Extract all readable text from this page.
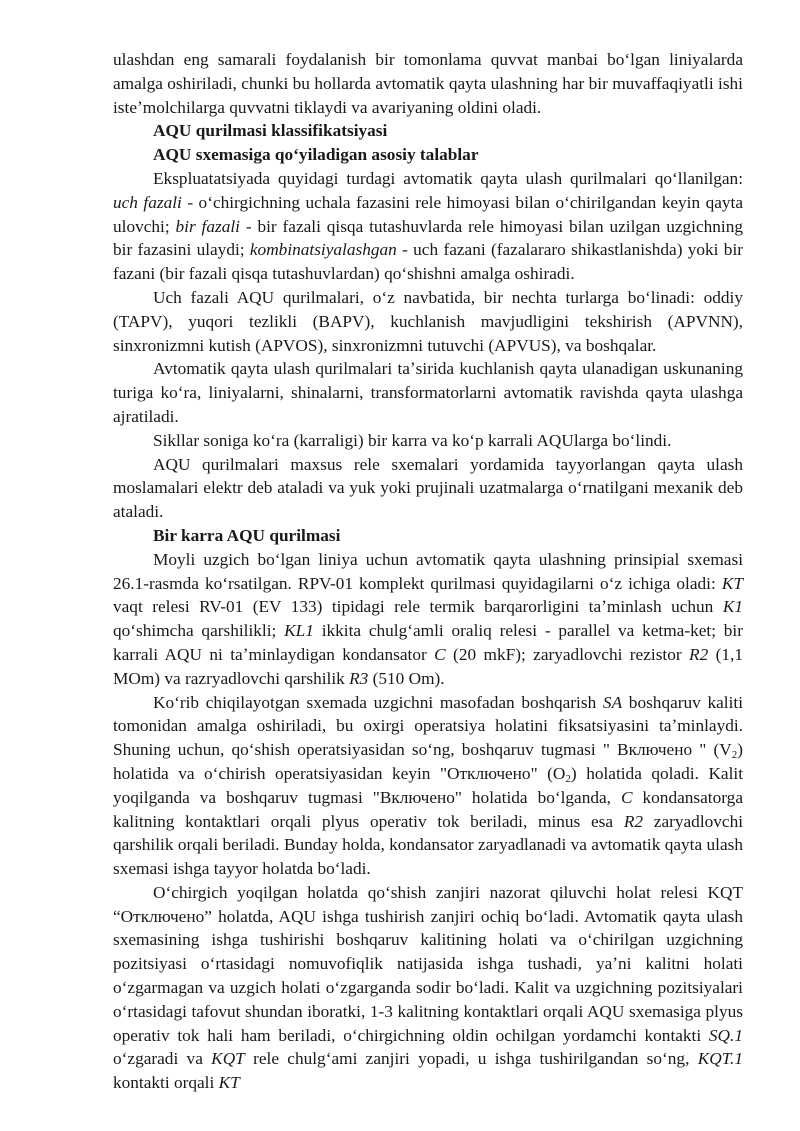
ulashdan eng samarali foydalanish bir tomonlama quvvat manbai boʻlgan liniyalarda amalga oshiriladi, chunki bu hollarda avtomatik qayta ulashning har bir muvaffaqiyatli ishi isteʼmolchilarga quvvatni tiklaydi va avariyaning oldini oladi.

AQU qurilmasi klassifikatsiyasi

AQU sxemasiga qoʻyiladigan asosiy talablar

Ekspluatatsiyada quyidagi turdagi avtomatik qayta ulash qurilmalari qoʻllanilgan: uch fazali - oʻchirgichning uchala fazasini rele himoyasi bilan oʻchirilgandan keyin qayta ulovchi; bir fazali - bir fazali qisqa tutashuvlarda rele himoyasi bilan uzilgan uzgichning bir fazasini ulaydi; kombinatsiyalashgan - uch fazani (fazalararo shikastlanishda) yoki bir fazani (bir fazali qisqa tutashuvlardan) qoʻshishni amalga oshiradi.

Uch fazali AQU qurilmalari, oʻz navbatida, bir nechta turlarga boʻlinadi: oddiy (TAPV), yuqori tezlikli (BAPV), kuchlanish mavjudligini tekshirish (APVNN), sinxronizmni kutish (APVOS), sinxronizmni tutuvchi (APVUS), va boshqalar.

Avtomatik qayta ulash qurilmalari taʼsirida kuchlanish qayta ulanadigan uskunaning turiga koʻra, liniyalarni, shinalarni, transformatorlarni avtomatik ravishda qayta ulashga ajratiladi.

Sikllar soniga koʻra (karraligi) bir karra va koʻp karrali AQUlarga boʻlindi.

AQU qurilmalari maxsus rele sxemalari yordamida tayyorlangan qayta ulash moslamalari elektr deb ataladi va yuk yoki prujinali uzatmalarga oʻrnatilgani mexanik deb ataladi.

Bir karra AQU qurilmasi

Moyli uzgich boʻlgan liniya uchun avtomatik qayta ulashning prinsipial sxemasi 26.1-rasmda koʻrsatilgan. RPV-01 komplekt qurilmasi quyidagilarni oʻz ichiga oladi: KT vaqt relesi RV-01 (EV 133) tipidagi rele termik barqarorligini taʼminlash uchun K1 qoʻshimcha qarshilikli; KL1 ikkita chulgʻamli oraliq relesi - parallel va ketma-ket; bir karrali AQU ni taʼminlaydigan kondansator C (20 mkF); zaryadlovchi rezistor R2 (1,1 MOm) va razryadlovchi qarshilik R3 (510 Om).

Koʻrib chiqilayotgan sxemada uzgichni masofadan boshqarish SA boshqaruv kaliti tomonidan amalga oshiriladi, bu oxirgi operatsiya holatini fiksatsiyasini taʼminlaydi. Shuning uchun, qoʻshish operatsiyasidan soʻng, boshqaruv tugmasi " Включено " $(V_2)$ holatida va oʻchirish operatsiyasidan keyin "Отключено" $(O_2)$ holatida qoladi. Kalit yoqilganda va boshqaruv tugmasi "Включено" holatida boʻlganda, C kondansatorga kalitning kontaktlari orqali plyus operativ tok beriladi, minus esa R2 zaryadlovchi qarshilik orqali beriladi. Bunday holda, kondansator zaryadlanadi va avtomatik qayta ulash sxemasi ishga tayyor holatda boʻladi.

Oʻchirgich yoqilgan holatda qoʻshish zanjiri nazorat qiluvchi holat relesi KQT “Отключено” holatda, AQU ishga tushirish zanjiri ochiq boʻladi. Avtomatik qayta ulash sxemasining ishga tushirishi boshqaruv kalitining holati va oʻchirilgan uzgichning pozitsiyasi oʻrtasidagi nomuvofiqlik natijasida ishga tushadi, yaʼni kalitni holati oʻzgarmagan va uzgich holati oʻzgarganda sodir boʻladi. Kalit va uzgichning pozitsiyalari oʻrtasidagi tafovut shundan iboratki, 1-3 kalitning kontaktlari orqali AQU sxemasiga plyus operativ tok hali ham beriladi, oʻchirgichning oldin ochilgan yordamchi kontakti SQ.1 oʻzgaradi va KQT rele chulgʻami zanjiri yopadi, u ishga tushirilgandan soʻng, KQT.1 kontakti orqali KT
